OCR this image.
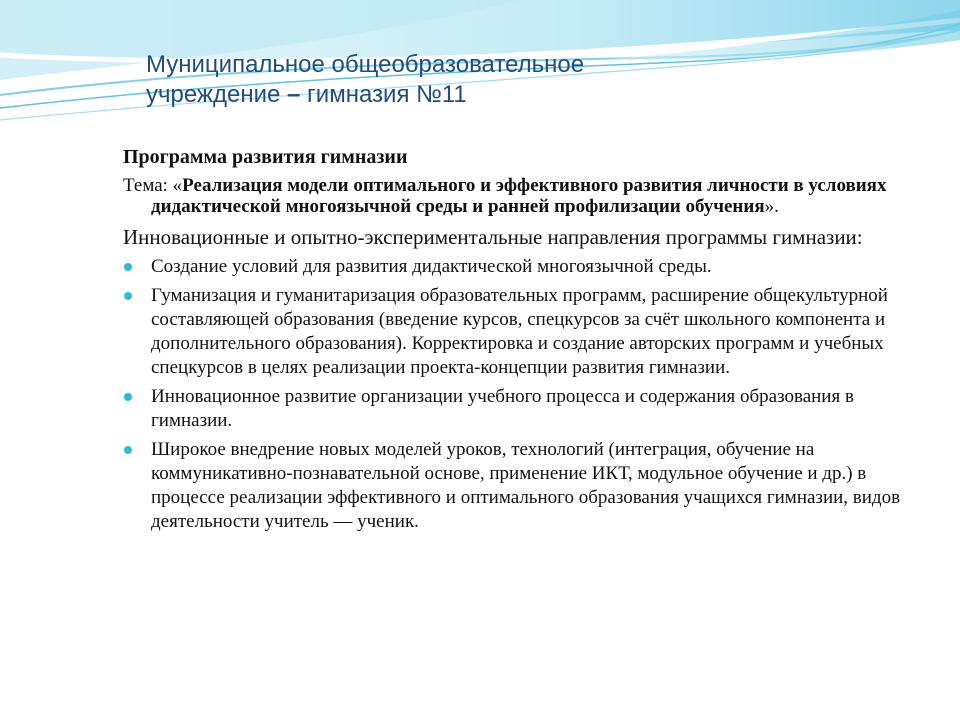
Муниципальное общеобразовательное
учреждение – гимназия №11

Программа развития гимназии

Тема: «Реализация модели оптимального и эффективного развития личности в условиях дидактической многоязычной среды и ранней профилизации обучения».

Инновационные и опытно-экспериментальные направления программы гимназии:

Создание условий для развития дидактической многоязычной среды.
Гуманизация и гуманитаризация образовательных программ, расширение общекультурной составляющей образования (введение курсов, спецкурсов за счёт школьного компонента и дополнительного образования). Корректировка и создание авторских программ и учебных спецкурсов в целях реализации проекта-концепции развития гимназии.
Инновационное развитие организации учебного процесса и содержания образования в гимназии.
Широкое внедрение новых моделей уроков, технологий (интеграция, обучение на коммуникативно-познавательной основе, применение ИКТ, модульное обучение и др.) в процессе реализации эффективного и оптимального образования учащихся гимназии, видов деятельности учитель — ученик.
